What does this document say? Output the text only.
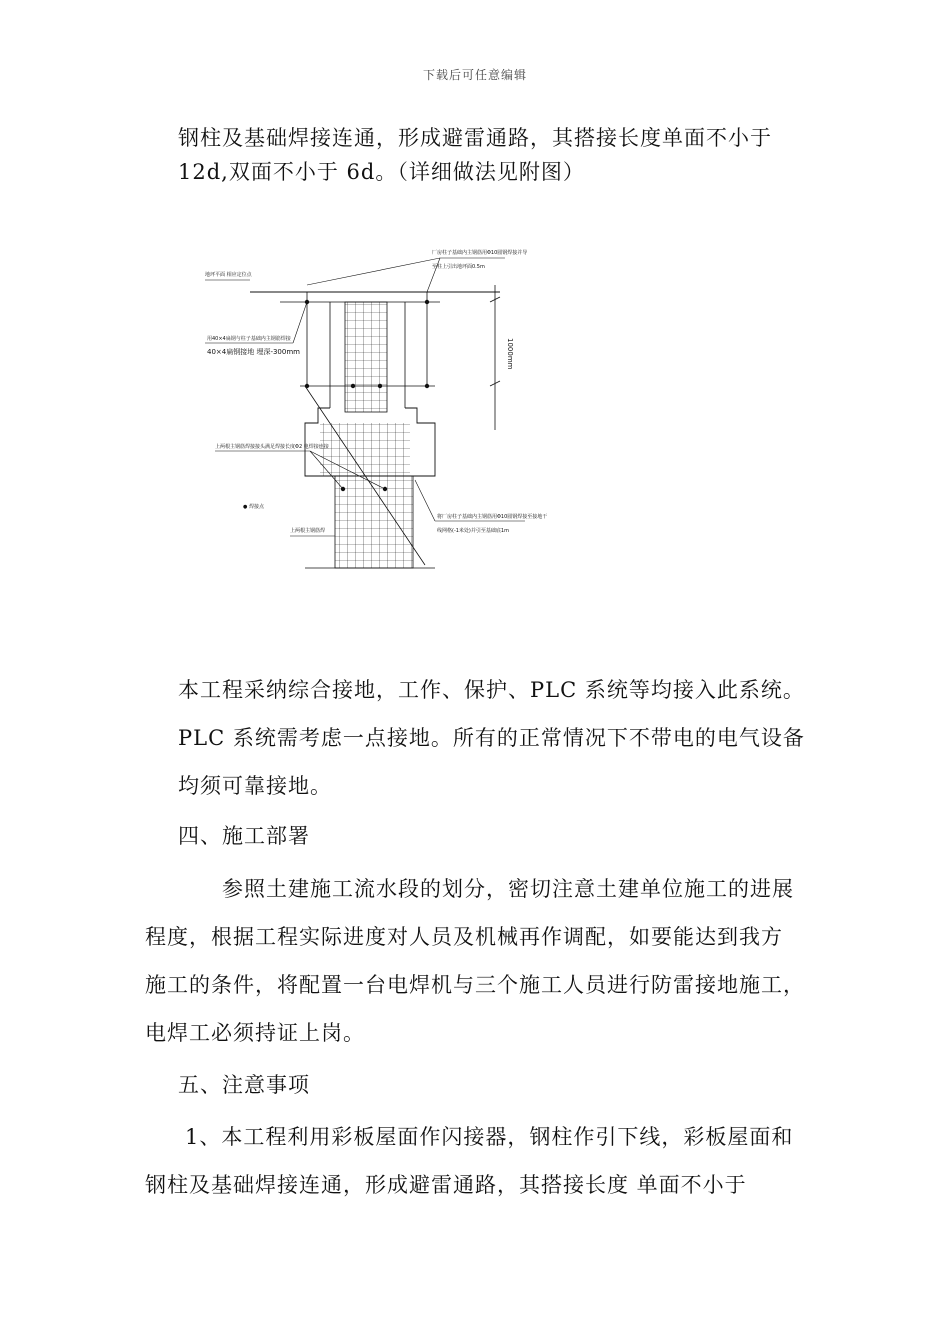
下载后可任意编辑
钢柱及基础焊接连通，形成避雷通路，其搭接长度单面不小于
12d,双面不小于 6d。（详细做法见附图）
1000mm
厂房柱子基础内主钢筋用Φ10圆钢焊接并导
至柱上引出地坪面0.5m
地坪平面 相应定位点
用40×4扁钢与柱子基础内主钢筋焊接
40×4扁钢接地 埋深-300mm
上两根主钢筋焊接接头满足焊接长度Φ2 电焊接连接
● 焊接点
上两根主钢筋焊
将厂房柱子基础内主钢筋用Φ10圆钢焊接至接地干
线网格(-1米处)并引至基础底1m
本工程采纳综合接地，工作、保护、PLC 系统等均接入此系统。
PLC 系统需考虑一点接地。所有的正常情况下不带电的电气设备
均须可靠接地。
四、施工部署
参照土建施工流水段的划分，密切注意土建单位施工的进展
程度，根据工程实际进度对人员及机械再作调配，如要能达到我方
施工的条件，将配置一台电焊机与三个施工人员进行防雷接地施工，
电焊工必须持证上岗。
五、注意事项
1、本工程利用彩板屋面作闪接器，钢柱作引下线，彩板屋面和
钢柱及基础焊接连通，形成避雷通路，其搭接长度 单面不小于
